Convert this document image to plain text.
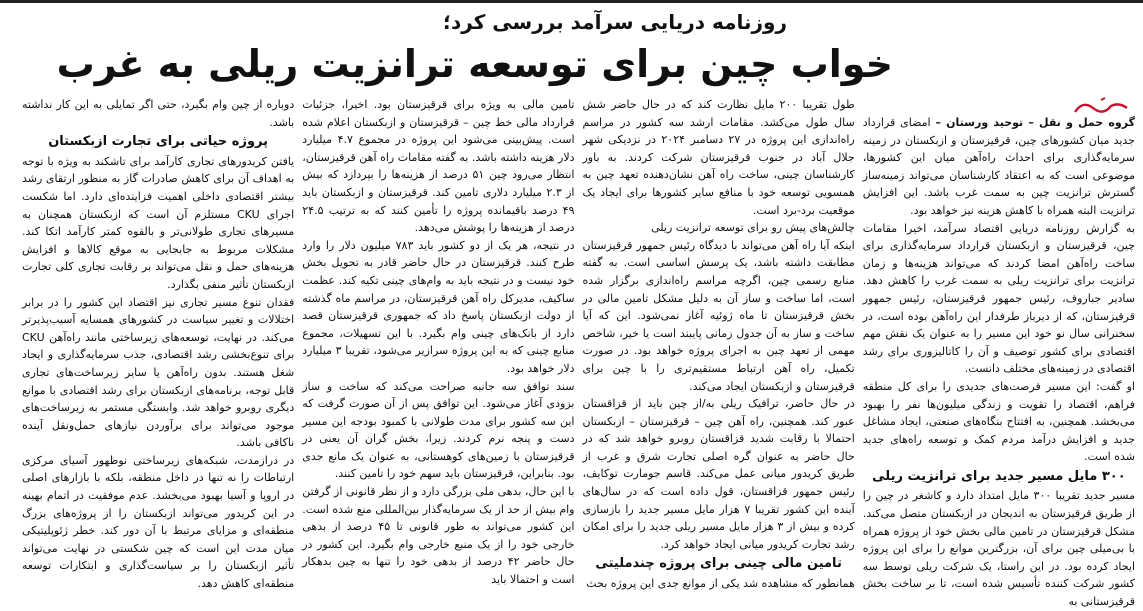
روزنامه دریایی سرآمد بررسی کرد؛
خواب چین برای توسعه ترانزیت ریلی به غرب

گروه حمل و نقل – توحید ورستان – امضای قرارداد جدید میان کشورهای چین، قرقیزستان و ازبکستان در زمینه سرمایه‌گذاری برای احداث راه‌آهن میان این کشورها، موضوعی است که به اعتقاد کارشناسان می‌تواند زمینه‌ساز گسترش ترانزیت چین به سمت غرب باشد. این افزایش ترانزیت البته همراه با کاهش هزینه نیز خواهد بود.

به گزارش روزنامه دریایی اقتصاد سرآمد، اخیرا مقامات چین، قرقیزستان و ازبکستان قرارداد سرمایه‌گذاری برای ساخت راه‌آهن امضا کردند که می‌تواند هزینه‌ها و زمان ترانزیت برای ترانزیت ریلی به سمت غرب را کاهش دهد. سادیر جباروف، رئیس جمهور قرقیزستان، رئیس جمهور قرقیزستان، که از دیرباز طرفدار این راه‌آهن بوده است، در سخنرانی سال نو خود این مسیر را به عنوان یک نقش مهم اقتصادی برای کشور توصیف و آن را کاتالیزوری برای رشد اقتصادی در زمینه‌های مختلف دانست.

او گفت: این مسیر فرصت‌های جدیدی را برای کل منطقه فراهم، اقتصاد را تقویت و زندگی میلیون‌ها نفر را بهبود می‌بخشد. همچنین، به افتتاح بنگاه‌های صنعتی، ایجاد مشاغل جدید و افزایش درآمد مردم کمک و توسعه راه‌های جدید شده است.

۳۰۰ مایل مسیر جدید برای ترانزیت ریلی

مسیر جدید تقریبا ۳۰۰ مایل امتداد دارد و کاشغر در چین را از طریق قرقیزستان به اندیجان در ازبکستان متصل می‌کند. مشکل قرقیزستان در تامین مالی بخش خود از پروژه همراه با بی‌میلی چین برای آن، بزرگترین موانع را برای این پروژه ایجاد کرده بود. در این راستا، یک شرکت ریلی توسط سه کشور شرکت کننده تأسیس شده است، تا بر ساخت بخش قرقیزستانی به

طول تقریبا ۲۰۰ مایل نظارت کند که در حال حاضر شش سال طول می‌کشد. مقامات ارشد سه کشور در مراسم راه‌اندازی این پروژه در ۲۷ دسامبر ۲۰۲۴ در نزدیکی شهر جلال آباد در جنوب قرقیزستان شرکت کردند. به باور کارشناسان چینی، ساخت راه آهن نشان‌دهنده تعهد چین به همسویی توسعه خود با منافع سایر کشورها برای ایجاد یک موقعیت برد-برد است.

چالش‌های پیش رو برای توسعه ترانزیت ریلی

اینکه آیا راه آهن می‌تواند با دیدگاه رئیس جمهور قرقیزستان مطابقت داشته باشد، یک پرسش اساسی است. به گفته منابع رسمی چین، اگرچه مراسم راه‌اندازی برگزار شده است، اما ساخت و ساز آن به دلیل مشکل تامین مالی در بخش قرقیزستان تا ماه ژوئیه آغاز نمی‌شود. این که آیا ساخت و ساز به آن جدول زمانی پایبند است یا خیر، شاخص مهمی از تعهد چین به اجرای پروژه خواهد بود. در صورت تکمیل، راه آهن ارتباط مستقیم‌تری را با چین برای قرقیزستان و ازبکستان ایجاد می‌کند.

در حال حاضر، ترافیک ریلی به/از چین باید از قزاقستان عبور کند. همچنین، راه آهن چین – قرقیزستان – ازبکستان احتمالا با رقابت شدید قزاقستان روبرو خواهد شد که در حال حاضر به عنوان گره اصلی تجارت شرق و غرب از طریق کریدور میانی عمل می‌کند. قاسم جومارت توکایف، رئیس جمهور قزاقستان، قول داده است که در سال‌های آینده این کشور تقریبا ۷ هزار مایل مسیر جدید را بازسازی کرده و بیش از ۳ هزار مایل مسیر ریلی جدید را برای امکان رشد تجارت کریدور میانی ایجاد خواهد کرد.

تامین مالی چینی برای پروژه چندملیتی

همانطور که مشاهده شد یکی از موانع جدی این پروژه بحث

تامین مالی به ویژه برای قرقیزستان بود. اخیرا، جزئیات قرارداد مالی خط چین – قرقیزستان و ازبکستان اعلام شده است. پیش‌بینی می‌شود این پروژه در مجموع ۴.۷ میلیارد دلار هزینه داشته باشد. به گفته مقامات راه آهن قرقیزستان، انتظار می‌رود چین ۵۱ درصد از هزینه‌ها را بپردازد که بیش از ۲.۳ میلیارد دلاری تامین کند. قرقیزستان و ازبکستان باید ۴۹ درصد باقیمانده پروژه را تأمین کنند که به ترتیب ۲۴.۵ درصد از هزینه‌ها را پوشش می‌دهد.

در نتیجه، هر یک از دو کشور باید ۷۸۳ میلیون دلار را وارد طرح کنند. قرقیزستان در حال حاضر قادر به تحویل بخش خود نیست و در نتیجه باید به وام‌های چینی تکیه کند. عظمت ساکیف، مدیرکل راه آهن قرقیزستان، در مراسم ماه گذشته از دولت ازبکستان پاسخ داد که جمهوری قرقیزستان قصد دارد از بانک‌های چینی وام بگیرد. با این تسهیلات، مجموع منابع چینی که به این پروژه سرازیر می‌شود، تقریبا ۳ میلیارد دلار خواهد بود.

سند توافق سه جانبه صراحت می‌کند که ساخت و ساز بزودی آغاز می‌شود. این توافق پس از آن صورت گرفت که این سه کشور برای مدت طولانی با کمبود بودجه این مسیر دست و پنجه نرم کردند. زیرا، بخش گران آن یعنی در قرقیزستان با زمین‌های کوهستانی، به عنوان یک مانع جدی بود. بنابراین، قرقیزستان باید سهم خود را تامین کنند.

با این حال، بدهی ملی بزرگی دارد و از نظر قانونی از گرفتن وام بیش از حد از یک سرمایه‌گذار بین‌المللی منع شده است. این کشور می‌تواند به طور قانونی تا ۴۵ درصد از بدهی خارجی خود را از یک منبع خارجی وام بگیرد. این کشور در حال حاضر ۴۲ درصد از بدهی خود را تنها به چین بدهکار است و احتمالا باید

دوباره از چین وام بگیرد، حتی اگر تمایلی به این کار نداشته باشد.

پروژه حیاتی برای تجارت ازبکستان

یافتن کریدورهای تجاری کارآمد برای تاشکند به ویژه با توجه به اهداف آن برای کاهش صادرات گاز به منظور ارتقای رشد بیشتر اقتصادی داخلی اهمیت فزاینده‌ای دارد. اما شکست اجرای CKU مستلزم آن است که ازبکستان همچنان به مسیرهای تجاری طولانی‌تر و بالقوه کمتر کارآمد اتکا کند. مشکلات مربوط به جابجایی به موقع کالاها و افزایش هزینه‌های حمل و نقل می‌تواند بر رقابت تجاری کلی تجارت ازبکستان تأثیر منفی بگذارد.

فقدان تنوع مسیر تجاری نیز اقتصاد این کشور را در برابر اختلالات و تغییر سیاست در کشورهای همسایه آسیب‌پذیرتر می‌کند. در نهایت، توسعه‌های زیرساختی مانند راه‌آهن CKU برای تنوع‌بخشی رشد اقتصادی، جذب سرمایه‌گذاری و ایجاد شغل هستند. بدون راه‌آهن یا سایر زیرساخت‌های تجاری قابل توجه، برنامه‌های ازبکستان برای رشد اقتصادی با موانع دیگری روبرو خواهد شد. وابستگی مستمر به زیرساخت‌های موجود می‌تواند برای برآوردن نیازهای حمل‌ونقل آینده ناکافی باشد.

در درازمدت، شبکه‌های زیرساختی نوظهور آسیای مرکزی ارتباطات را نه تنها در داخل منطقه، بلکه با بازارهای اصلی در اروپا و آسیا بهبود می‌بخشد. عدم موفقیت در اتمام بهینه در این کریدور می‌تواند ازبکستان را از پروژه‌های بزرگ منطقه‌ای و مزایای مرتبط با آن دور کند. خطر ژئوپلیتیکی میان مدت این است که چین شکستی در نهایت می‌تواند تأثیر ازبکستان را بر سیاست‌گذاری و ابتکارات توسعه منطقه‌ای کاهش دهد.
